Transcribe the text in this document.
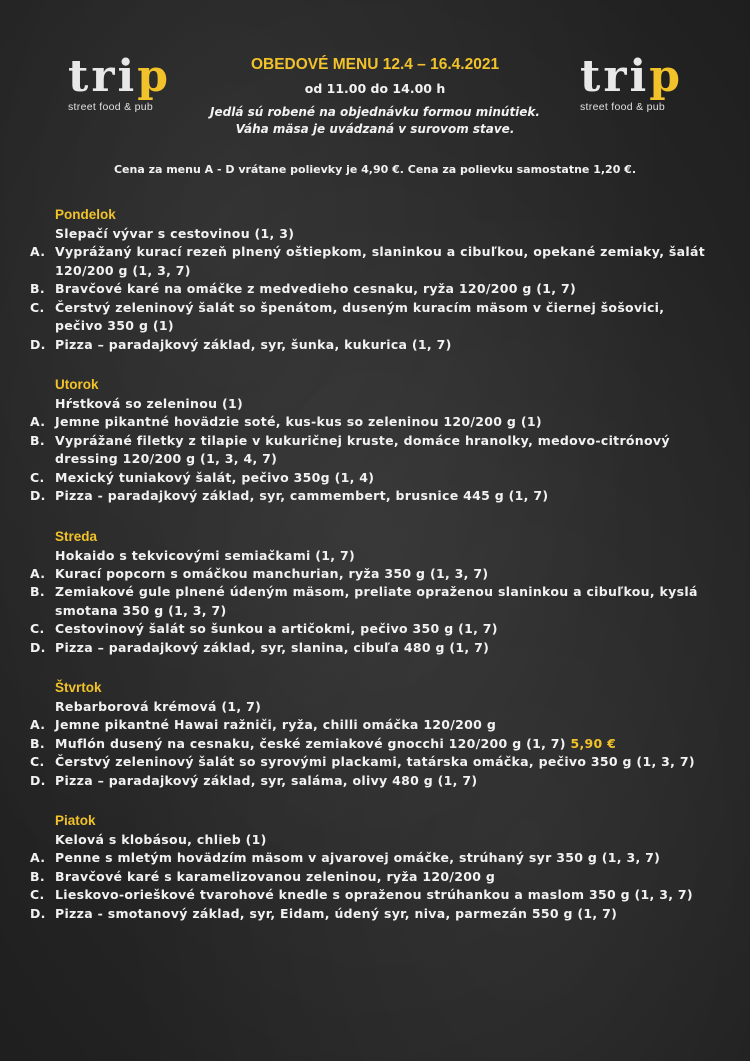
trip
street food & pub
trip
street food & pub
OBEDOVÉ MENU 12.4 – 16.4.2021
od 11.00 do 14.00 h
Jedlá sú robené na objednávku formou minútiek.
Váha mäsa je uvádzaná v surovom stave.
Cena za menu A - D vrátane polievky je 4,90 €. Cena za polievku samostatne 1,20 €.
Pondelok
Slepačí vývar s cestovinou (1, 3)
A. Vyprážaný kurací rezeň plnený oštiepkom, slaninkou a cibuľkou, opekané zemiaky, šalát 120/200 g (1, 3, 7)
B. Bravčové karé na omáčke z medvedieho cesnaku, ryža 120/200 g (1, 7)
C. Čerstvý zeleninový šalát so špenátom, duseným kuracím mäsom v čiernej šošovici, pečivo 350 g (1)
D. Pizza – paradajkový základ, syr, šunka, kukurica (1, 7)
Utorok
Hŕstková so zeleninou (1)
A. Jemne pikantné hovädzie soté, kus-kus so zeleninou 120/200 g (1)
B. Vyprážané filetky z tilapie v kukuričnej kruste, domáce hranolky, medovo-citrónový dressing 120/200 g (1, 3, 4, 7)
C. Mexický tuniakový šalát, pečivo 350g (1, 4)
D. Pizza - paradajkový základ, syr, cammembert, brusnice 445 g (1, 7)
Streda
Hokaido s tekvicovými semiačkami (1, 7)
A. Kurací popcorn s omáčkou manchurian, ryža 350 g (1, 3, 7)
B. Zemiakové gule plnené údeným mäsom, preliate opraženou slaninkou a cibuľkou, kyslá smotana 350 g (1, 3, 7)
C. Cestovinový šalát so šunkou a artičokmi, pečivo 350 g (1, 7)
D. Pizza – paradajkový základ, syr, slanina, cibuľa 480 g (1, 7)
Štvrtok
Rebarborová krémová (1, 7)
A. Jemne pikantné Hawai ražniči, ryža, chilli omáčka 120/200 g
B. Muflón dusený na cesnaku, české zemiakové gnocchi 120/200 g (1, 7) 5,90 €
C. Čerstvý zeleninový šalát so syrovými plackami, tatárska omáčka, pečivo 350 g (1, 3, 7)
D. Pizza – paradajkový základ, syr, saláma, olivy 480 g (1, 7)
Piatok
Kelová s klobásou, chlieb (1)
A. Penne s mletým hovädzím mäsom v ajvarovej omáčke, strúhaný syr 350 g (1, 3, 7)
B. Bravčové karé s karamelizovanou zeleninou, ryža 120/200 g
C. Lieskovo-orieškové tvarohové knedle s opraženou strúhankou a maslom 350 g (1, 3, 7)
D. Pizza - smotanový základ, syr, Eidam, údený syr, niva, parmezán 550 g (1, 7)
